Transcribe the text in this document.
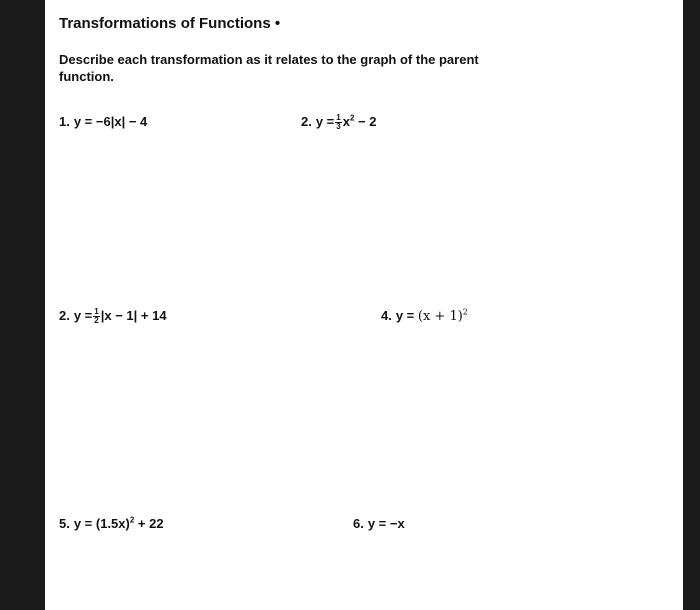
Transformations of Functions •
Describe each transformation as it relates to the graph of the parent function.
1. y = −6|x| − 4	2. $y = \frac{1}{3} x^2 - 2$
2. $y = \frac{1}{2} |x - 1| + 14$	4. $y = (x + 1)^2$
5. $y = (1.5x)^2 + 22$	6. y = −x
